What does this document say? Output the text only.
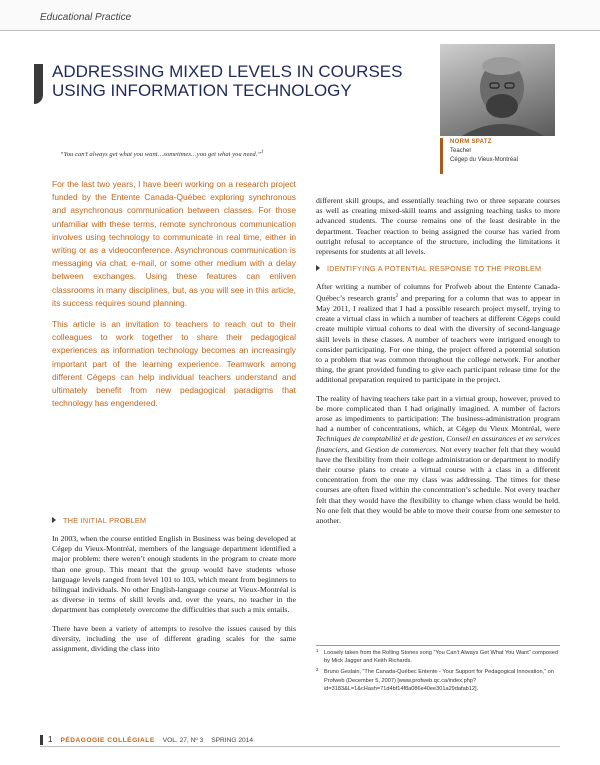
Educational Practice
ADDRESSING MIXED LEVELS IN COURSES USING INFORMATION TECHNOLOGY
NORM SPATZ
Teacher
Cégep du Vieux-Montréal
“You can’t always get what you want…sometimes…you get what you need.”$^1$

For the last two years, I have been working on a research project funded by the Entente Canada-Québec exploring synchronous and asynchronous communication between classes. For those unfamiliar with these terms, remote synchronous communication involves using technology to communicate in real time, either in writing or as a videoconference. Asynchronous communication is messaging via chat, e-mail, or some other medium with a delay between exchanges. Using these features can enliven classrooms in many disciplines, but, as you will see in this article, its success requires sound planning.

This article is an invitation to teachers to reach out to their colleagues to work together to share their pedagogical experiences as information technology becomes an increasingly important part of the learning experience. Teamwork among different Cégeps can help individual teachers understand and ultimately benefit from new pedagogical paradigms that technology has engendered.

THE INITIAL PROBLEM

In 2003, when the course entitled English in Business was being developed at Cégep du Vieux-Montréal, members of the language department identified a major problem: there weren’t enough students in the program to create more than one group. This meant that the group would have students whose language levels ranged from level 101 to 103, which meant from beginners to bilingual individuals. No other English-language course at Vieux-Montréal is as diverse in terms of skill levels and, over the years, no teacher in the department has completely overcome the difficulties that such a mix entails.

There have been a variety of attempts to resolve the issues caused by this diversity, including the use of different grading scales for the same assignment, dividing the class into

different skill groups, and essentially teaching two or three separate courses as well as creating mixed-skill teams and assigning teaching tasks to more advanced students. The course remains one of the least desirable in the department. Teacher reaction to being assigned the course has varied from outright refusal to acceptance of the structure, including the limitations it represents for students at all levels.

IDENTIFYING A POTENTIAL RESPONSE TO THE PROBLEM

After writing a number of columns for Profweb about the Entente Canada-Québec’s research grants$^2$ and preparing for a column that was to appear in May 2011, I realized that I had a possible research project myself, trying to create a virtual class in which a number of teachers at different Cégeps could create multiple virtual cohorts to deal with the diversity of second-language skill levels in these classes. A number of teachers were intrigued enough to consider participating. For one thing, the project offered a potential solution to a problem that was common throughout the college network. For another thing, the grant provided funding to give each participant release time for the additional preparation required to participate in the project.

The reality of having teachers take part in a virtual group, however, proved to be more complicated than I had originally imagined. A number of factors arose as impediments to participation: The business-administration program had a number of concentrations, which, at Cégep du Vieux Montréal, were Techniques de comptabilité et de gestion, Conseil en assurances et en services financiers, and Gestion de commerces. Not every teacher felt that they would have the flexibility from their college administration or department to modify their course plans to create a virtual course with a class in a different concentration from the one my class was addressing. The times for these courses are often fixed within the concentration’s schedule. Not every teacher felt that they would have the flexibility to change when class would be held. No one felt that they would be able to move their course from one semester to another.

1 Loosely taken from the Rolling Stones song “You Can’t Always Get What You Want” composed by Mick Jagger and Keith Richards.
2 Bruno Geslain, “The Canada-Québec Entente - Your Support for Pedagogical Innovation,” on Profweb (December 5, 2007) [www.profweb.qc.ca/index.php?id=3183&L=1&cHash=71d4bf14f8a086e40ee301a29dafab12].
1 PÉDAGOGIE COLLÉGIALE VOL. 27, Nº 3 SPRING 2014
